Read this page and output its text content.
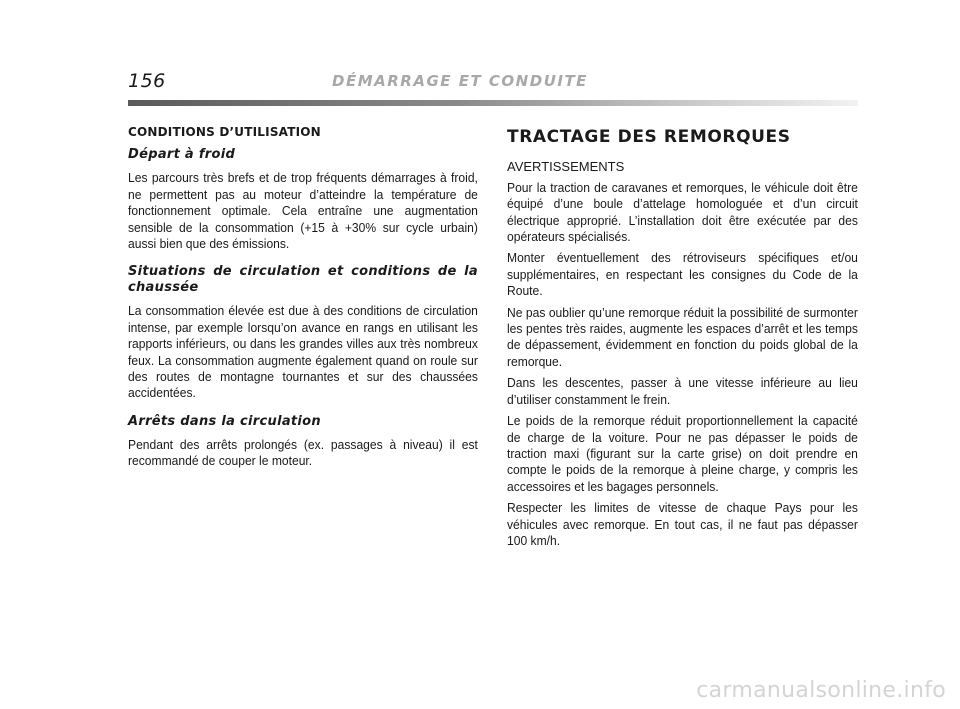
156	DÉMARRAGE ET CONDUITE
CONDITIONS D’UTILISATION
Départ à froid

Les parcours très brefs et de trop fréquents démarrages à froid, ne permettent pas au moteur d’atteindre la température de fonctionnement optimale. Cela entraîne une augmentation sensible de la consommation (+15 à +30% sur cycle urbain) aussi bien que des émissions.

Situations de circulation et conditions de la chaussée

La consommation élevée est due à des conditions de circulation intense, par exemple lorsqu’on avance en rangs en utilisant les rapports inférieurs, ou dans les grandes villes aux très nombreux feux. La consommation augmente également quand on roule sur des routes de montagne tournantes et sur des chaussées accidentées.

Arrêts dans la circulation

Pendant des arrêts prolongés (ex. passages à niveau) il est recommandé de couper le moteur.

TRACTAGE DES REMORQUES
AVERTISSEMENTS

Pour la traction de caravanes et remorques, le véhicule doit être équipé d’une boule d’attelage homologuée et d’un circuit électrique approprié. L’installation doit être exécutée par des opérateurs spécialisés.

Monter éventuellement des rétroviseurs spécifiques et/ou supplémentaires, en respectant les consignes du Code de la Route.

Ne pas oublier qu’une remorque réduit la possibilité de surmonter les pentes très raides, augmente les espaces d’arrêt et les temps de dépassement, évidemment en fonction du poids global de la remorque.

Dans les descentes, passer à une vitesse inférieure au lieu d’utiliser constamment le frein.

Le poids de la remorque réduit proportionnellement la capacité de charge de la voiture. Pour ne pas dépasser le poids de traction maxi (figurant sur la carte grise) on doit prendre en compte le poids de la remorque à pleine charge, y compris les accessoires et les bagages personnels.

Respecter les limites de vitesse de chaque Pays pour les véhicules avec remorque. En tout cas, il ne faut pas dépasser 100 km/h.

carmanualsonline.info
